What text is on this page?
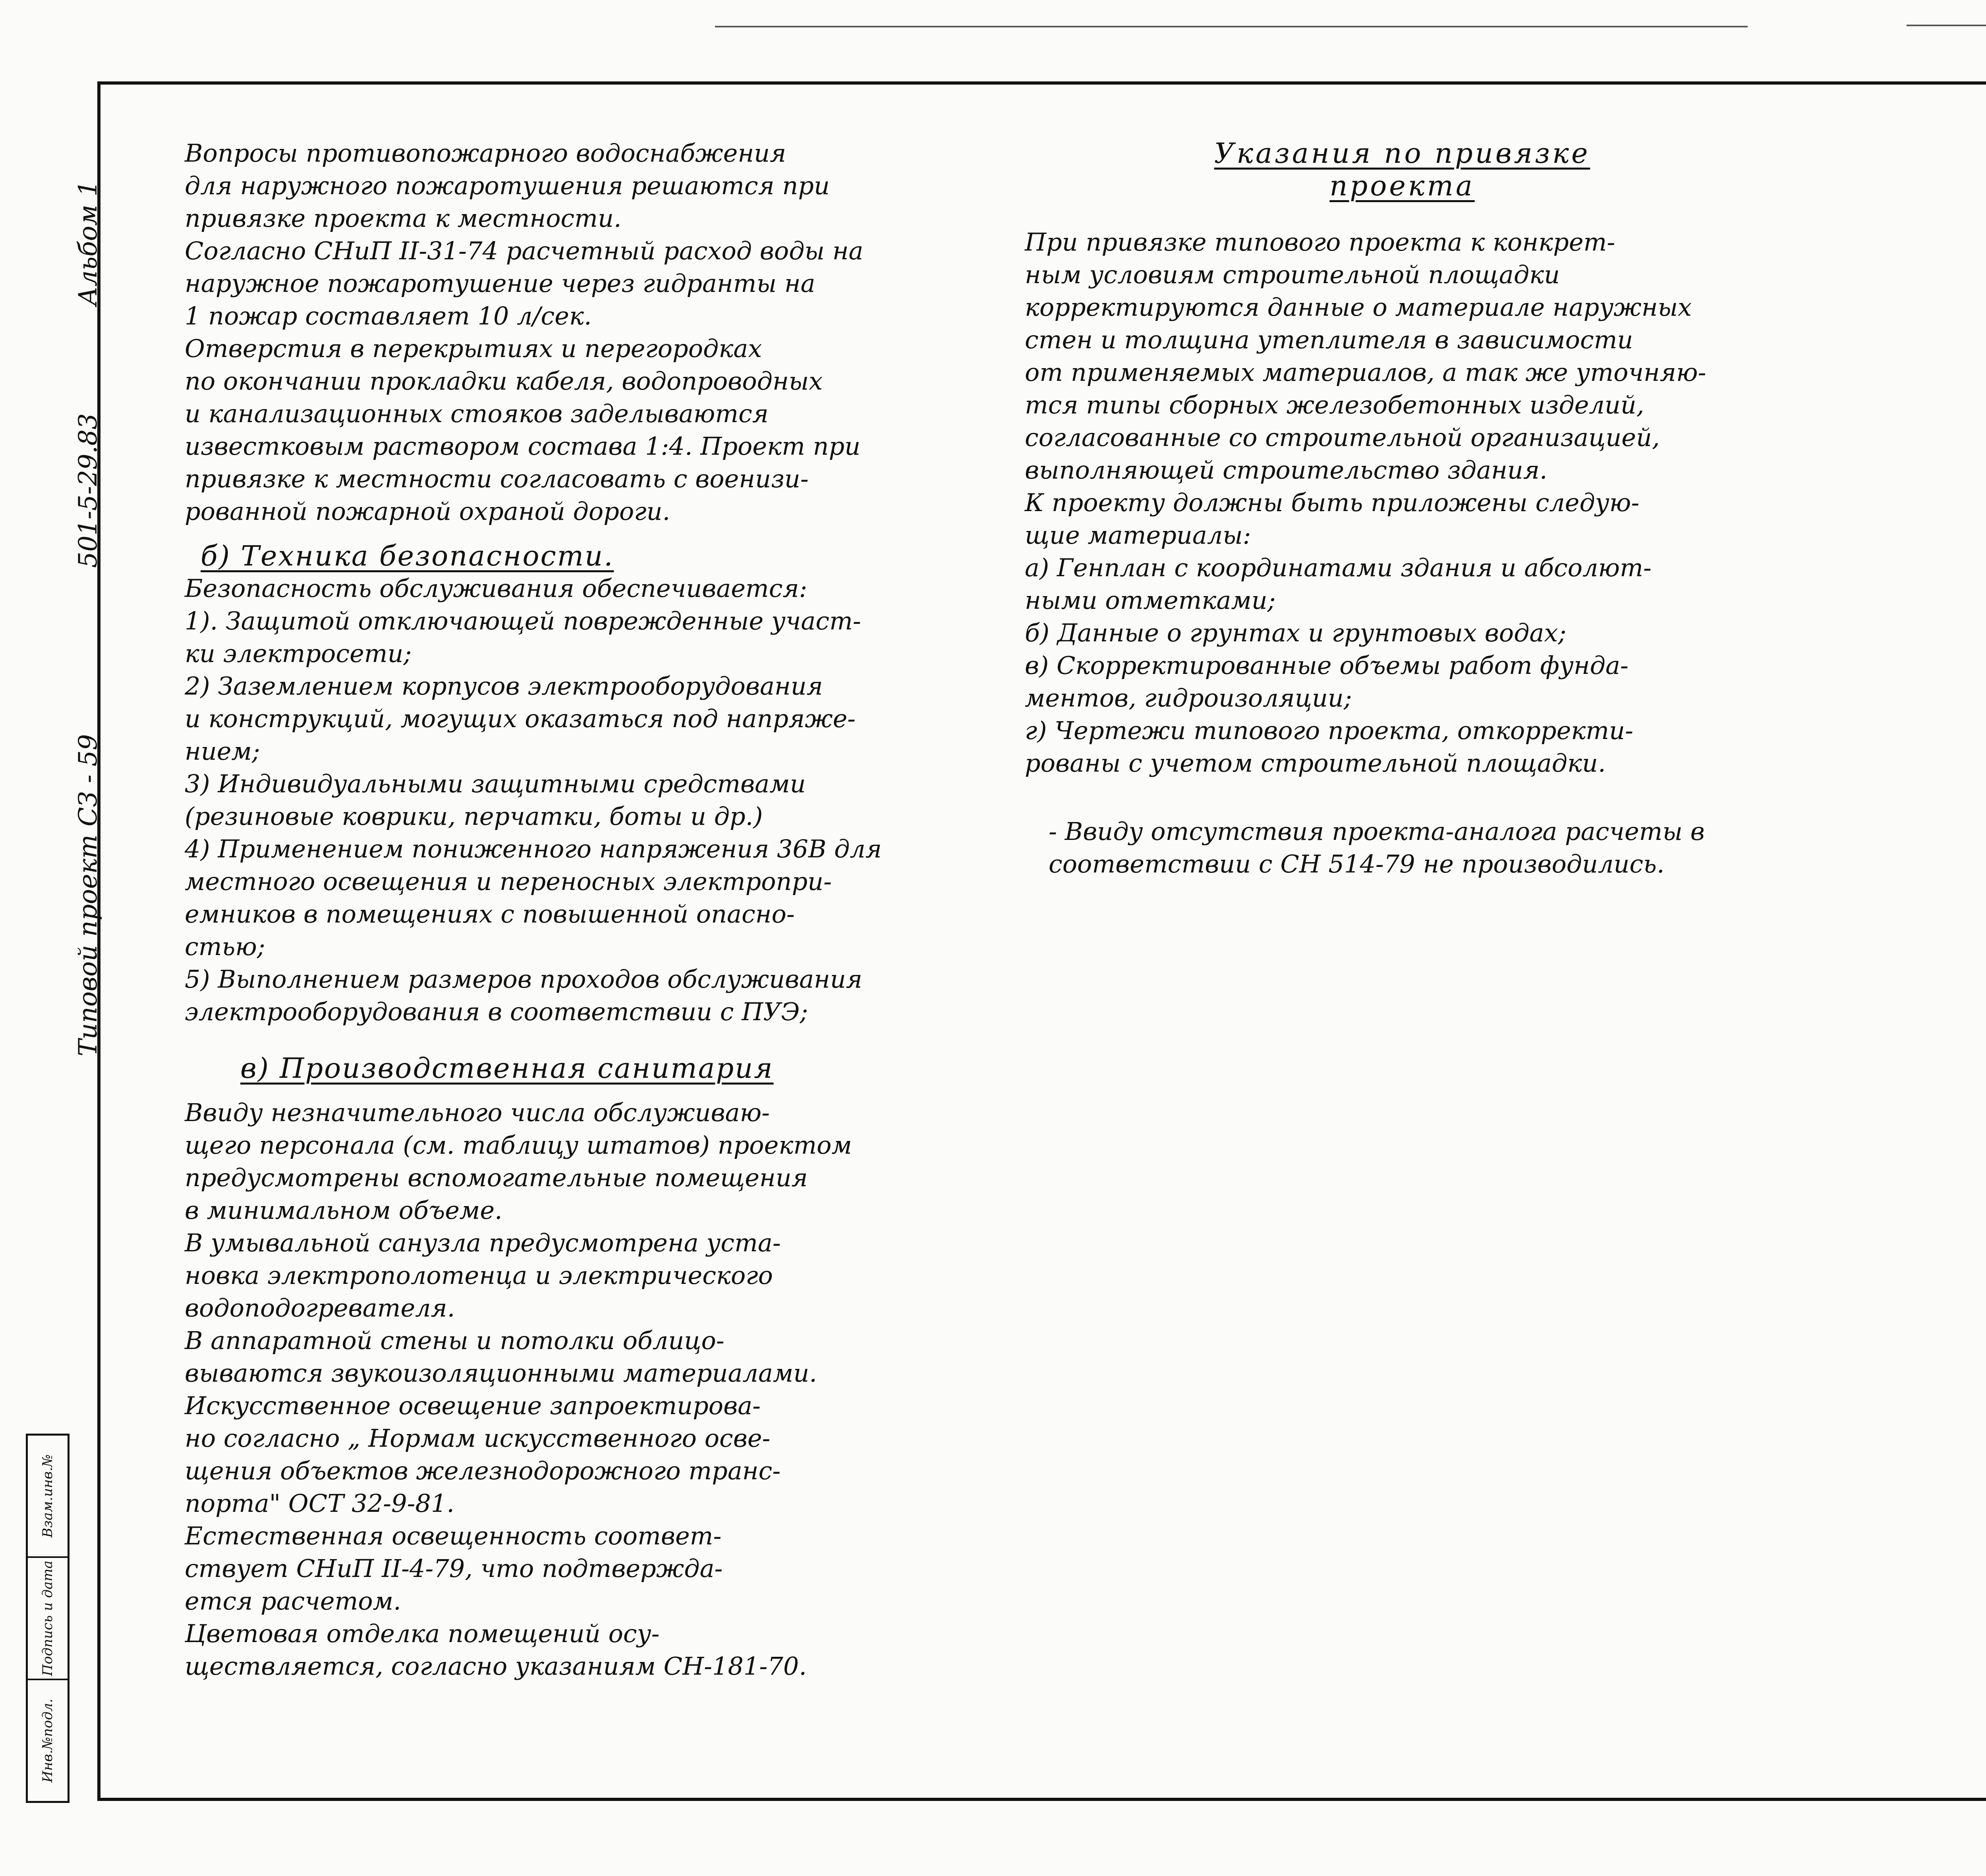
Альбом 1
501-5-29.83
Типовой проект СЗ - 59
Взам.инв.№
Подпись и дата
Инв.№подл.
Вопросы противопожарного водоснабжения
для наружного пожаротушения решаются при
привязке проекта к местности.
Согласно СНиП II-31-74 расчетный расход воды на
наружное пожаротушение через гидранты на
1 пожар составляет 10 л/сек.
Отверстия в перекрытиях и перегородках
по окончании прокладки кабеля, водопроводных
и канализационных стояков заделываются
известковым раствором состава 1:4. Проект при
привязке к местности согласовать с военизи-
рованной пожарной охраной дороги.
б) Техника безопасности.
Безопасность обслуживания обеспечивается:
1). Защитой отключающей поврежденные участ-
ки электросети;
2) Заземлением корпусов электрооборудования
и конструкций, могущих оказаться под напряже-
нием;
3) Индивидуальными защитными средствами
(резиновые коврики, перчатки, боты и др.)
4) Применением пониженного напряжения 36В для
местного освещения и переносных электропри-
емников в помещениях с повышенной опасно-
стью;
5) Выполнением размеров проходов обслуживания
электрооборудования в соответствии с ПУЭ;
в) Производственная санитария
Ввиду незначительного числа обслуживаю-
щего персонала (см. таблицу штатов) проектом
предусмотрены вспомогательные помещения
в минимальном объеме.
В умывальной санузла предусмотрена уста-
новка электрополотенца и электрического
водоподогревателя.
В аппаратной стены и потолки облицо-
вываются звукоизоляционными материалами.
Искусственное освещение запроектирова-
но согласно „ Нормам искусственного осве-
щения объектов железнодорожного транс-
порта" ОСТ 32-9-81.
Естественная освещенность соответ-
ствует СНиП II-4-79, что подтвержда-
ется расчетом.
Цветовая отделка помещений осу-
ществляется, согласно указаниям СН-181-70.
Указания по привязке
проекта
При привязке типового проекта к конкрет-
ным условиям строительной площадки
корректируются данные о материале наружных
стен и толщина утеплителя в зависимости
от применяемых материалов, а так же уточняю-
тся типы сборных железобетонных изделий,
согласованные со строительной организацией,
выполняющей строительство здания.
К проекту должны быть приложены следую-
щие материалы:
а) Генплан с координатами здания и абсолют-
ными отметками;
б) Данные о грунтах и грунтовых водах;
в) Скорректированные объемы работ фунда-
ментов, гидроизоляции;
г) Чертежи типового проекта, откорректи-
рованы с учетом строительной площадки.
- Ввиду отсутствия проекта-аналога расчеты в
соответствии с СН 514-79 не производились.
